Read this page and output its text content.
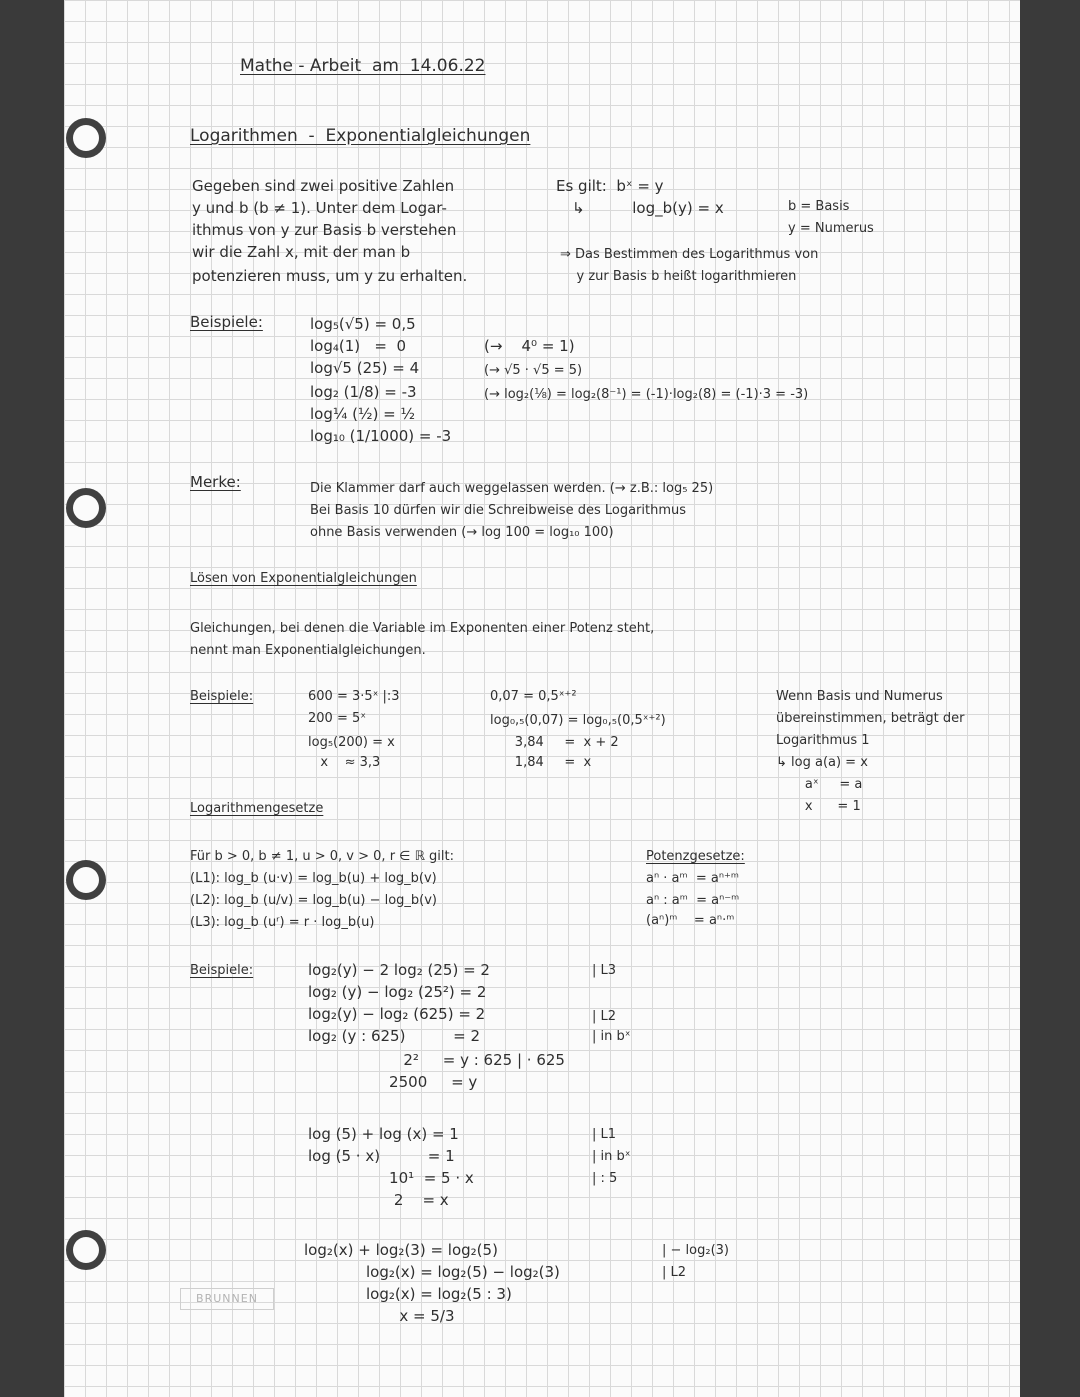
Mathe - Arbeit  am  14.06.22
Logarithmen  -  Exponentialgleichungen
Gegeben sind zwei positive Zahlen
y und b (b ≠ 1). Unter dem Logar-
ithmus von y zur Basis b verstehen
wir die Zahl x, mit der man b
potenzieren muss, um y zu erhalten.
Es gilt:  bˣ = y
↳          log_b(y) = x	b = Basis
y = Numerus
⇒ Das Bestimmen des Logarithmus von
y zur Basis b heißt logarithmieren
Beispiele:	log₅(√5) = 0,5
log₄(1)   =  0
log√5 (25) = 4
log₂ (1/8) = -3
log¼ (½) = ½
log₁₀ (1/1000) = -3
(→    4⁰ = 1)
(→ √5 · √5 = 5)
(→ log₂(⅛) = log₂(8⁻¹) = (-1)·log₂(8) = (-1)·3 = -3)
Merke:	Die Klammer darf auch weggelassen werden. (→ z.B.: log₅ 25)
Bei Basis 10 dürfen wir die Schreibweise des Logarithmus
ohne Basis verwenden (→ log 100 = log₁₀ 100)
Lösen von Exponentialgleichungen
Gleichungen, bei denen die Variable im Exponenten einer Potenz steht,
nennt man Exponentialgleichungen.
Beispiele:	600 = 3·5ˣ |:3
200 = 5ˣ
log₅(200) = x
x    ≈ 3,3
0,07 = 0,5ˣ⁺²
log₀,₅(0,07) = log₀,₅(0,5ˣ⁺²)
3,84     =  x + 2
1,84     =  x
Wenn Basis und Numerus
übereinstimmen, beträgt der
Logarithmus 1
↳ log a(a) = x
aˣ     = a
x      = 1
Logarithmengesetze
Für b > 0, b ≠ 1, u > 0, v > 0, r ∈ ℝ gilt:
(L1): log_b (u·v) = log_b(u) + log_b(v)
(L2): log_b (u/v) = log_b(u) − log_b(v)
(L3): log_b (uʳ) = r · log_b(u)
Potenzgesetze:
aⁿ · aᵐ  = aⁿ⁺ᵐ
aⁿ : aᵐ  = aⁿ⁻ᵐ
(aⁿ)ᵐ    = aⁿ·ᵐ
Beispiele:	log₂(y) − 2 log₂ (25) = 2
log₂ (y) − log₂ (25²) = 2
log₂(y) − log₂ (625) = 2
log₂ (y : 625)          = 2
2²     = y : 625 | · 625
2500     = y
| L3
| L2
| in bˣ
log (5) + log (x) = 1
log (5 · x)          = 1
10¹  = 5 · x
2    = x
| L1
| in bˣ
| : 5
log₂(x) + log₂(3) = log₂(5)
log₂(x) = log₂(5) − log₂(3)
log₂(x) = log₂(5 : 3)
x = 5/3
| − log₂(3)
| L2
BRUNNEN
